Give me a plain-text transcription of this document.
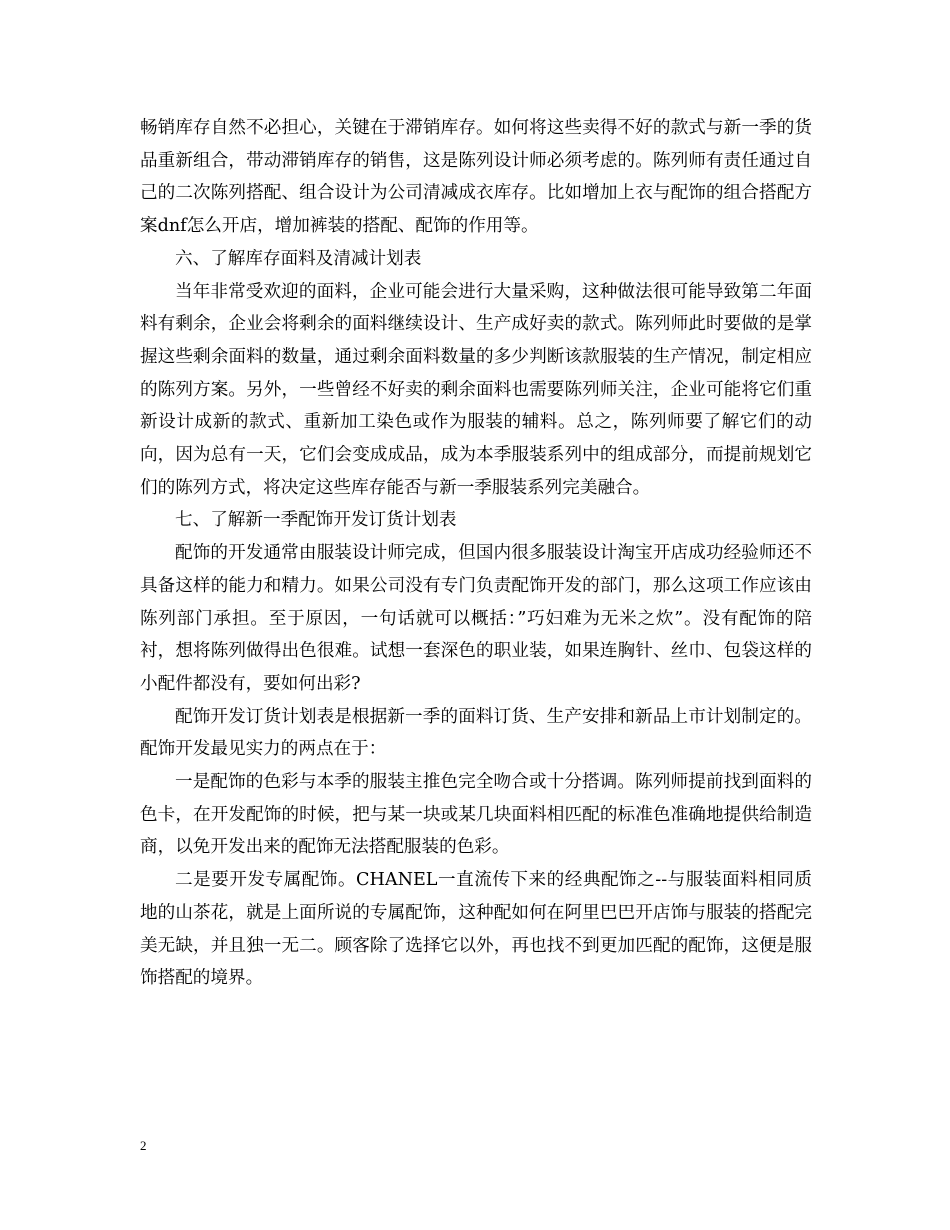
畅销库存自然不必担心，关键在于滞销库存。如何将这些卖得不好的款式与新一季的货品重新组合，带动滞销库存的销售，这是陈列设计师必须考虑的。陈列师有责任通过自己的二次陈列搭配、组合设计为公司清减成衣库存。比如增加上衣与配饰的组合搭配方案dnf怎么开店，增加裤装的搭配、配饰的作用等。

六、了解库存面料及清减计划表

当年非常受欢迎的面料，企业可能会进行大量采购，这种做法很可能导致第二年面料有剩余，企业会将剩余的面料继续设计、生产成好卖的款式。陈列师此时要做的是掌握这些剩余面料的数量，通过剩余面料数量的多少判断该款服装的生产情况，制定相应的陈列方案。另外，一些曾经不好卖的剩余面料也需要陈列师关注，企业可能将它们重新设计成新的款式、重新加工染色或作为服装的辅料。总之，陈列师要了解它们的动向，因为总有一天，它们会变成成品，成为本季服装系列中的组成部分，而提前规划它们的陈列方式，将决定这些库存能否与新一季服装系列完美融合。

七、了解新一季配饰开发订货计划表

配饰的开发通常由服装设计师完成，但国内很多服装设计淘宝开店成功经验师还不具备这样的能力和精力。如果公司没有专门负责配饰开发的部门，那么这项工作应该由陈列部门承担。至于原因，一句话就可以概括：”巧妇难为无米之炊”。没有配饰的陪衬，想将陈列做得出色很难。试想一套深色的职业装，如果连胸针、丝巾、包袋这样的小配件都没有，要如何出彩?

配饰开发订货计划表是根据新一季的面料订货、生产安排和新品上市计划制定的。配饰开发最见实力的两点在于：

一是配饰的色彩与本季的服装主推色完全吻合或十分搭调。陈列师提前找到面料的色卡，在开发配饰的时候，把与某一块或某几块面料相匹配的标准色准确地提供给制造商，以免开发出来的配饰无法搭配服装的色彩。

二是要开发专属配饰。CHANEL一直流传下来的经典配饰之--与服装面料相同质地的山茶花，就是上面所说的专属配饰，这种配如何在阿里巴巴开店饰与服装的搭配完美无缺，并且独一无二。顾客除了选择它以外，再也找不到更加匹配的配饰，这便是服饰搭配的境界。

2
